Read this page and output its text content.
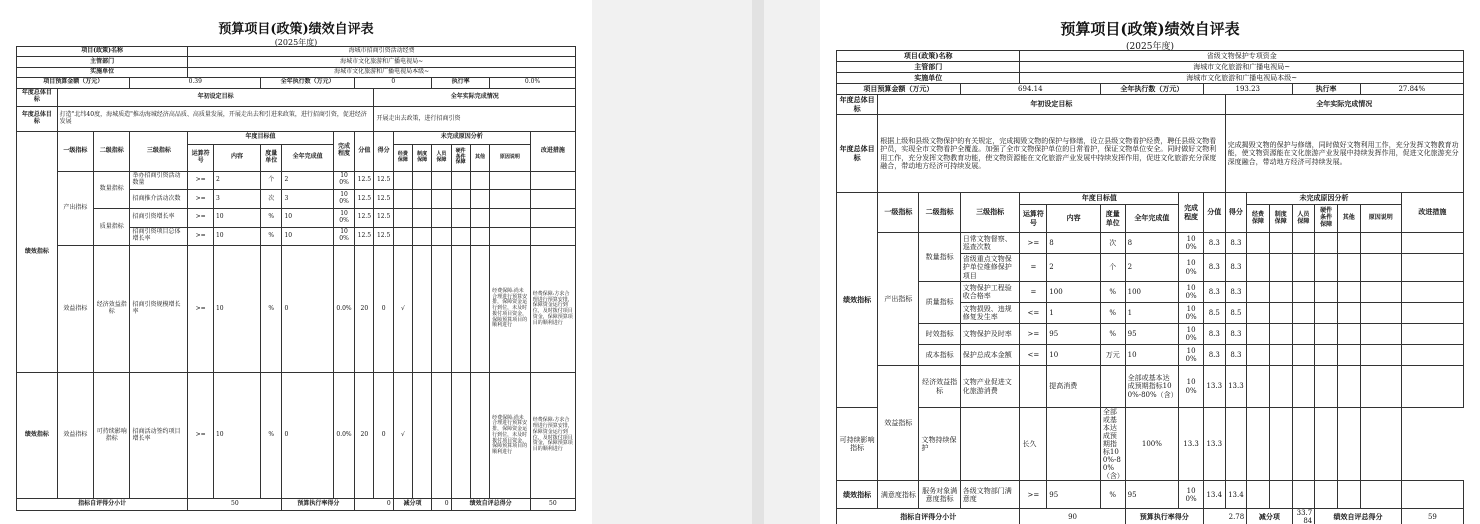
预算项目(政策)绩效自评表
(2025年度)
项目(政策)名称				海城市招商引资活动经费													
主管部门				海城市文化旅游和广播电视局~													
实施单位				海城市文化旅游和广播电视局本级~													
项目预算金额（万元）			0.39			全年执行数（万元）			0				执行率			0.0%	
年度总体目标	年初设定目标									全年实际完成情况							
年度总体目标	打造"北纬40度，海城质造"推动海城经济高品质、高质量发展，开展走出去和引进来政策，进行招商引资，促进经济发展									开展走出去政策，进行招商引资							
绩效指标	一级指标	二级指标	三级指标	年度目标值				完成程度	分值	得分	未完成原因分析						改进措施
				运算符号	内容	度量单位	全年完成值				经费保障	制度保障	人员保障	硬件条件保障	其他	原因说明	
	产出指标	数量指标	举办招商引资活动数量	>=	2	个	2	100%	12.5	12.5							
			招商推介活动次数	>=	3	次	3	100%	12.5	12.5							
		质量指标	招商引资增长率	>=	10	%	10	100%	12.5	12.5							
			招商引资项目总体增长率	>=	10	%	10	100%	12.5	12.5							
	效益指标	经济效益指标	招商引资规模增长率	>=	10	%	0	0.0%	20	0	√					经费保障:尚未合理进行预算安排，保障资金运行到位，未及时拨付项目资金，保障预算项目的顺利进行	经费保障:方求合理进行预算安排，保障资金运行到位，及时拨付项目资金，保障预算项目的顺利进行
绩效指标	效益指标	可持续影响指标	招商活动签约项目增长率	>=	10	%	0	0.0%	20	0	√					经费保障:尚未合理进行预算安排，保障资金运行到位，未及时拨付项目资金，保障预算项目的顺利进行	经费保障:方求合理进行预算安排，保障资金运行到位，及时拨付项目资金，保障预算项目的顺利进行
指标自评得分小计				50			预算执行率得分		0		减分项		0	绩效自评总得分			50
预算项目(政策)绩效自评表
(2025年度)
项目(政策)名称				省级文物保护专项资金													
主管部门				海城市文化旅游和广播电视局~													
实施单位				海城市文化旅游和广播电视局本级~													
项目预算金额（万元）			694.14			全年执行数（万元）			193.23				执行率			27.84%	
年度总体目标	年初设定目标									全年实际完成情况							
年度总体目标	根据上级和县级文物保护的有关规定，完成揭毁文物的保护与修缮，设立县级文物看护经费，聘任县级文物看护员，实现全市文物看护全覆盖。加强了全市文物保护单位的日常看护，保证文物单位安全。同时做好文物利用工作，充分发挥文物教育功能，使文物资源能在文化旅游产业发展中持续发挥作用，促进文化旅游充分深度融合，带动地方经济可持续发展。									完成揭毁文物的保护与修缮，同时做好文物利用工作，充分发挥文物教育功能，使文物资源能在文化旅游产业发展中持续发挥作用，促进文化旅游充分深度融合，带动地方经济可持续发展。							
绩效指标	一级指标	二级指标	三级指标	年度目标值				完成程度	分值	得分	未完成原因分析						改进措施
				运算符号	内容	度量单位	全年完成值				经费保障	制度保障	人员保障	硬件条件保障	其他	原因说明	
	产出指标	数量指标	日常文物督察、巡查次数	>=	8	次	8	100%	8.3	8.3							
			省级重点文物保护单位维修保护项目	=	2	个	2	100%	8.3	8.3							
		质量指标	文物保护工程验收合格率	=	100	%	100	100%	8.3	8.3							
			文物损毁、违规修复发生率	<=	1	%	1	100%	8.5	8.5							
		时效指标	文物保护及时率	>=	95	%	95	100%	8.3	8.3							
		成本指标	保护总成本金额	<=	10	万元	10	100%	8.3	8.3							
	效益指标	经济效益指标	文物产业促进文化旅游消费		提高消费		全部或基本达成预期指标100%-80%（含）	100%	13.3	13.3							
可持续影响指标		文物持续保护		长久		全部或基本达成预期指标100%-80%（含）	100%	13.3	13.3								
绩效指标	满意度指标	服务对象满意度指标	各级文物部门满意度	>=	95	%	95	100%	13.4	13.4							
指标自评得分小计				90			预算执行率得分		2.78		减分项		33.784	绩效自评总得分			59
